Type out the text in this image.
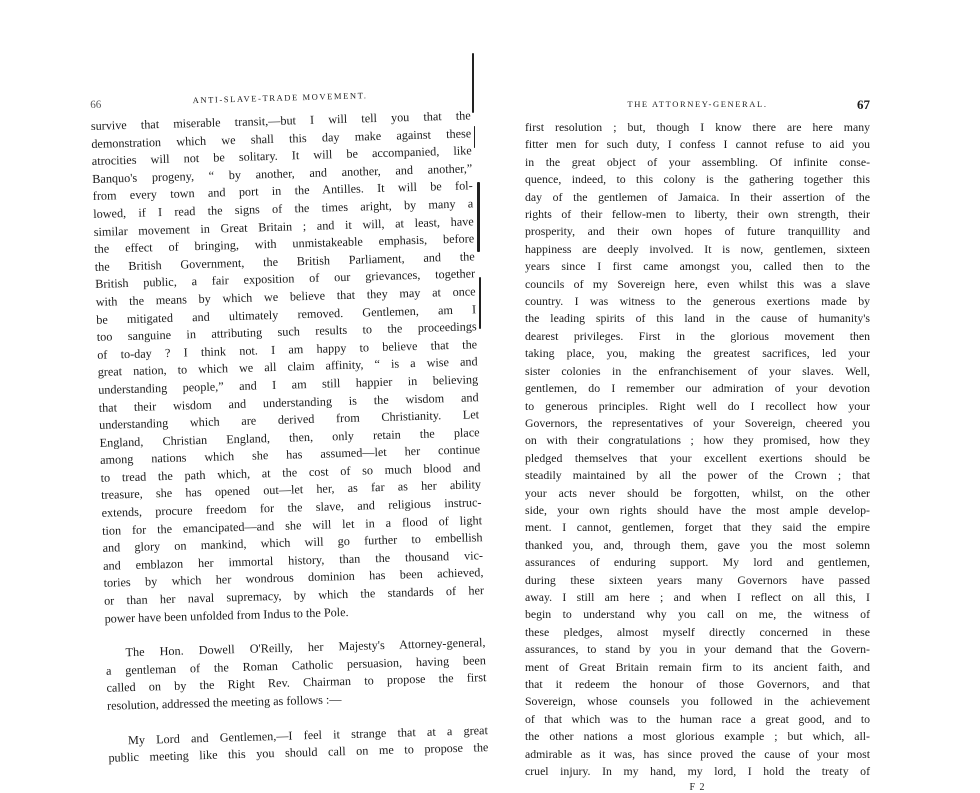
66	ANTI-SLAVE-TRADE MOVEMENT.
survive that miserable transit,—but I will tell you that the
demonstration which we shall this day make against these
atrocities will not be solitary. It will be accompanied, like
Banquo's progeny, “ by another, and another, and another,”
from every town and port in the Antilles. It will be fol-
lowed, if I read the signs of the times aright, by many a
similar movement in Great Britain ; and it will, at least, have
the effect of bringing, with unmistakeable emphasis, before
the British Government, the British Parliament, and the
British public, a fair exposition of our grievances, together
with the means by which we believe that they may at once
be mitigated and ultimately removed. Gentlemen, am I
too sanguine in attributing such results to the proceedings
of to-day ? I think not. I am happy to believe that the
great nation, to which we all claim affinity, “ is a wise and
understanding people,” and I am still happier in believing
that their wisdom and understanding is the wisdom and
understanding which are derived from Christianity. Let
England, Christian England, then, only retain the place
among nations which she has assumed—let her continue
to tread the path which, at the cost of so much blood and
treasure, she has opened out—let her, as far as her ability
extends, procure freedom for the slave, and religious instruc-
tion for the emancipated—and she will let in a flood of light
and glory on mankind, which will go further to embellish
and emblazon her immortal history, than the thousand vic-
tories by which her wondrous dominion has been achieved,
or than her naval supremacy, by which the standards of her
power have been unfolded from Indus to the Pole.
The Hon. Dowell O'Reilly, her Majesty's Attorney-general,
a gentleman of the Roman Catholic persuasion, having been
called on by the Right Rev. Chairman to propose the first
resolution, addressed the meeting as follows :—
My Lord and Gentlemen,—I feel it strange that at a great
public meeting like this you should call on me to propose the
THE ATTORNEY-GENERAL.	67
first resolution ; but, though I know there are here many
fitter men for such duty, I confess I cannot refuse to aid you
in the great object of your assembling. Of infinite conse-
quence, indeed, to this colony is the gathering together this
day of the gentlemen of Jamaica. In their assertion of the
rights of their fellow-men to liberty, their own strength, their
prosperity, and their own hopes of future tranquillity and
happiness are deeply involved. It is now, gentlemen, sixteen
years since I first came amongst you, called then to the
councils of my Sovereign here, even whilst this was a slave
country. I was witness to the generous exertions made by
the leading spirits of this land in the cause of humanity's
dearest privileges. First in the glorious movement then
taking place, you, making the greatest sacrifices, led your
sister colonies in the enfranchisement of your slaves. Well,
gentlemen, do I remember our admiration of your devotion
to generous principles. Right well do I recollect how your
Governors, the representatives of your Sovereign, cheered you
on with their congratulations ; how they promised, how they
pledged themselves that your excellent exertions should be
steadily maintained by all the power of the Crown ; that
your acts never should be forgotten, whilst, on the other
side, your own rights should have the most ample develop-
ment. I cannot, gentlemen, forget that they said the empire
thanked you, and, through them, gave you the most solemn
assurances of enduring support. My lord and gentlemen,
during these sixteen years many Governors have passed
away. I still am here ; and when I reflect on all this, I
begin to understand why you call on me, the witness of
these pledges, almost myself directly concerned in these
assurances, to stand by you in your demand that the Govern-
ment of Great Britain remain firm to its ancient faith, and
that it redeem the honour of those Governors, and that
Sovereign, whose counsels you followed in the achievement
of that which was to the human race a great good, and to
the other nations a most glorious example ; but which, all-
admirable as it was, has since proved the cause of your most
cruel injury. In my hand, my lord, I hold the treaty of
F 2
